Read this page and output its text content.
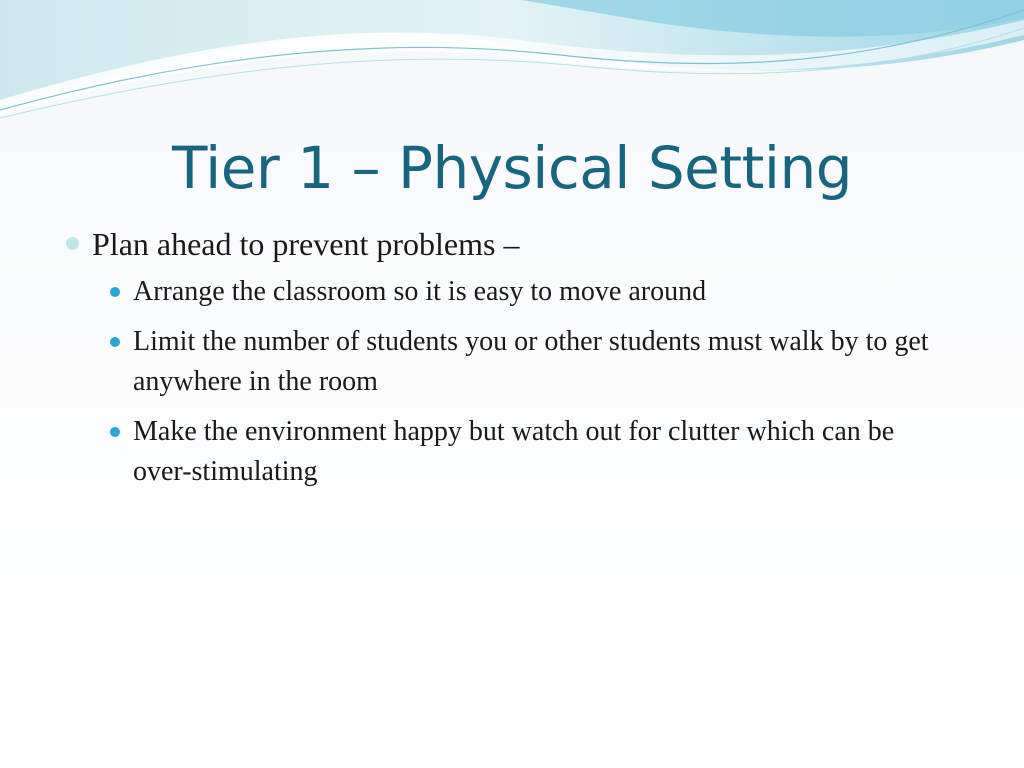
Tier 1 – Physical Setting
Plan ahead to prevent problems –
Arrange the classroom so it is easy to move around
Limit the number of students you or other students must walk by to get anywhere in the room
Make the environment happy but watch out for clutter which can be over-stimulating
